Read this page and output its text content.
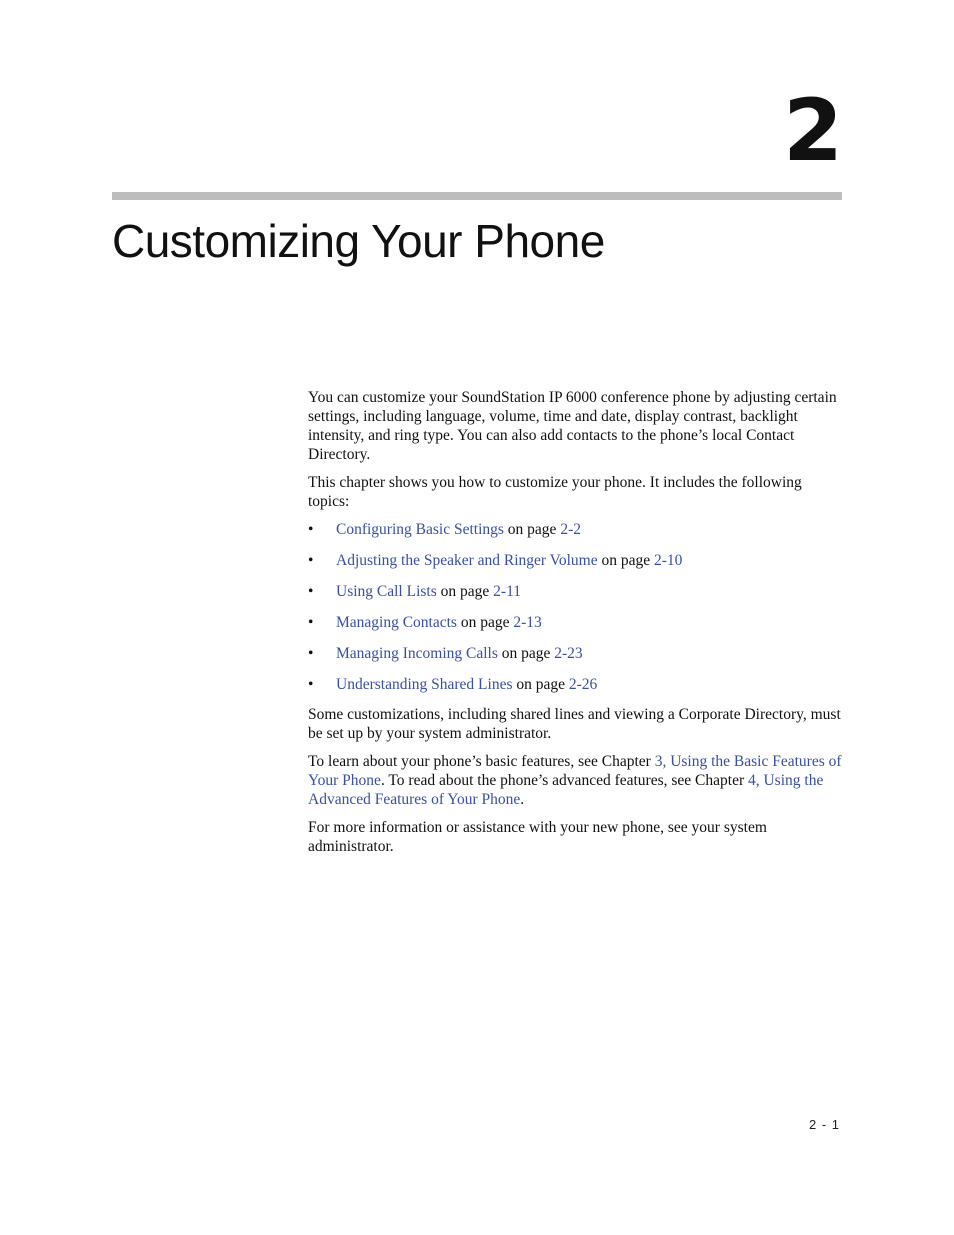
2
Customizing Your Phone

You can customize your SoundStation IP 6000 conference phone by adjusting certain settings, including language, volume, time and date, display contrast, backlight intensity, and ring type. You can also add contacts to the phone’s local Contact Directory.

This chapter shows you how to customize your phone. It includes the following topics:

• Configuring Basic Settings on page 2-2
• Adjusting the Speaker and Ringer Volume on page 2-10
• Using Call Lists on page 2-11
• Managing Contacts on page 2-13
• Managing Incoming Calls on page 2-23
• Understanding Shared Lines on page 2-26

Some customizations, including shared lines and viewing a Corporate Directory, must be set up by your system administrator.

To learn about your phone’s basic features, see Chapter 3, Using the Basic Features of Your Phone. To read about the phone’s advanced features, see Chapter 4, Using the Advanced Features of Your Phone.

For more information or assistance with your new phone, see your system administrator.

2 - 1
